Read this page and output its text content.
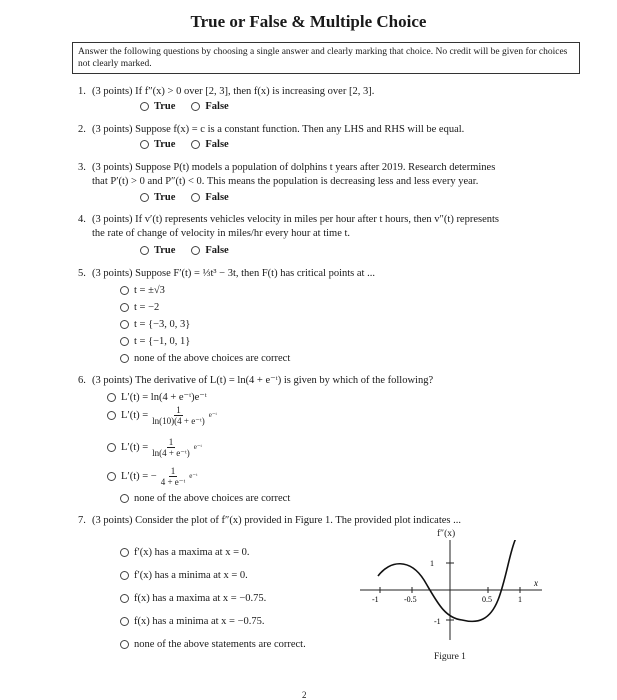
True or False & Multiple Choice
Answer the following questions by choosing a single answer and clearly marking that choice. No credit will be given for choices not clearly marked.
1. (3 points) If f″(x) > 0 over [2, 3], then f(x) is increasing over [2, 3].
True	False
2. (3 points) Suppose f(x) = c is a constant function. Then any LHS and RHS will be equal.
True	False
3. (3 points) Suppose P(t) models a population of dolphins t years after 2019. Research determines
that P′(t) > 0 and P″(t) < 0. This means the population is decreasing less and less every year.
True	False
4. (3 points) If v′(t) represents vehicles velocity in miles per hour after t hours, then v″(t) represents
the rate of change of velocity in miles/hr every hour at time t.
True	False
5. (3 points) Suppose F′(t) = ⅓t³ − 3t, then F(t) has critical points at ...
t = ±√3
t = −2
t = {−3, 0, 3}
t = {−1, 0, 1}
none of the above choices are correct
6. (3 points) The derivative of L(t) = ln(4 + e⁻ᵗ) is given by which of the following?
L′(t) = ln(4 + e⁻ᵗ)e⁻ᵗ
$L'(t) = \frac{1}{\text{ln(10)(4 + e⁻ᵗ)}}$ e⁻ᵗ
$L'(t) = \frac{1}{\text{ln(4 + e⁻ᵗ)}}$ e⁻ᵗ
L′(t) = − $\frac{1}{\text{4 + e⁻ᵗ}}$ e⁻ᵗ
none of the above choices are correct
7. (3 points) Consider the plot of f″(x) provided in Figure 1. The provided plot indicates ...
f′(x) has a maxima at x = 0.
f′(x) has a minima at x = 0.
f(x) has a maxima at x = −0.75.
f(x) has a minima at x = −0.75.
none of the above statements are correct.
f″(x)
x
-1	-0.5	0.5	1
1
-1
Figure 1
2
